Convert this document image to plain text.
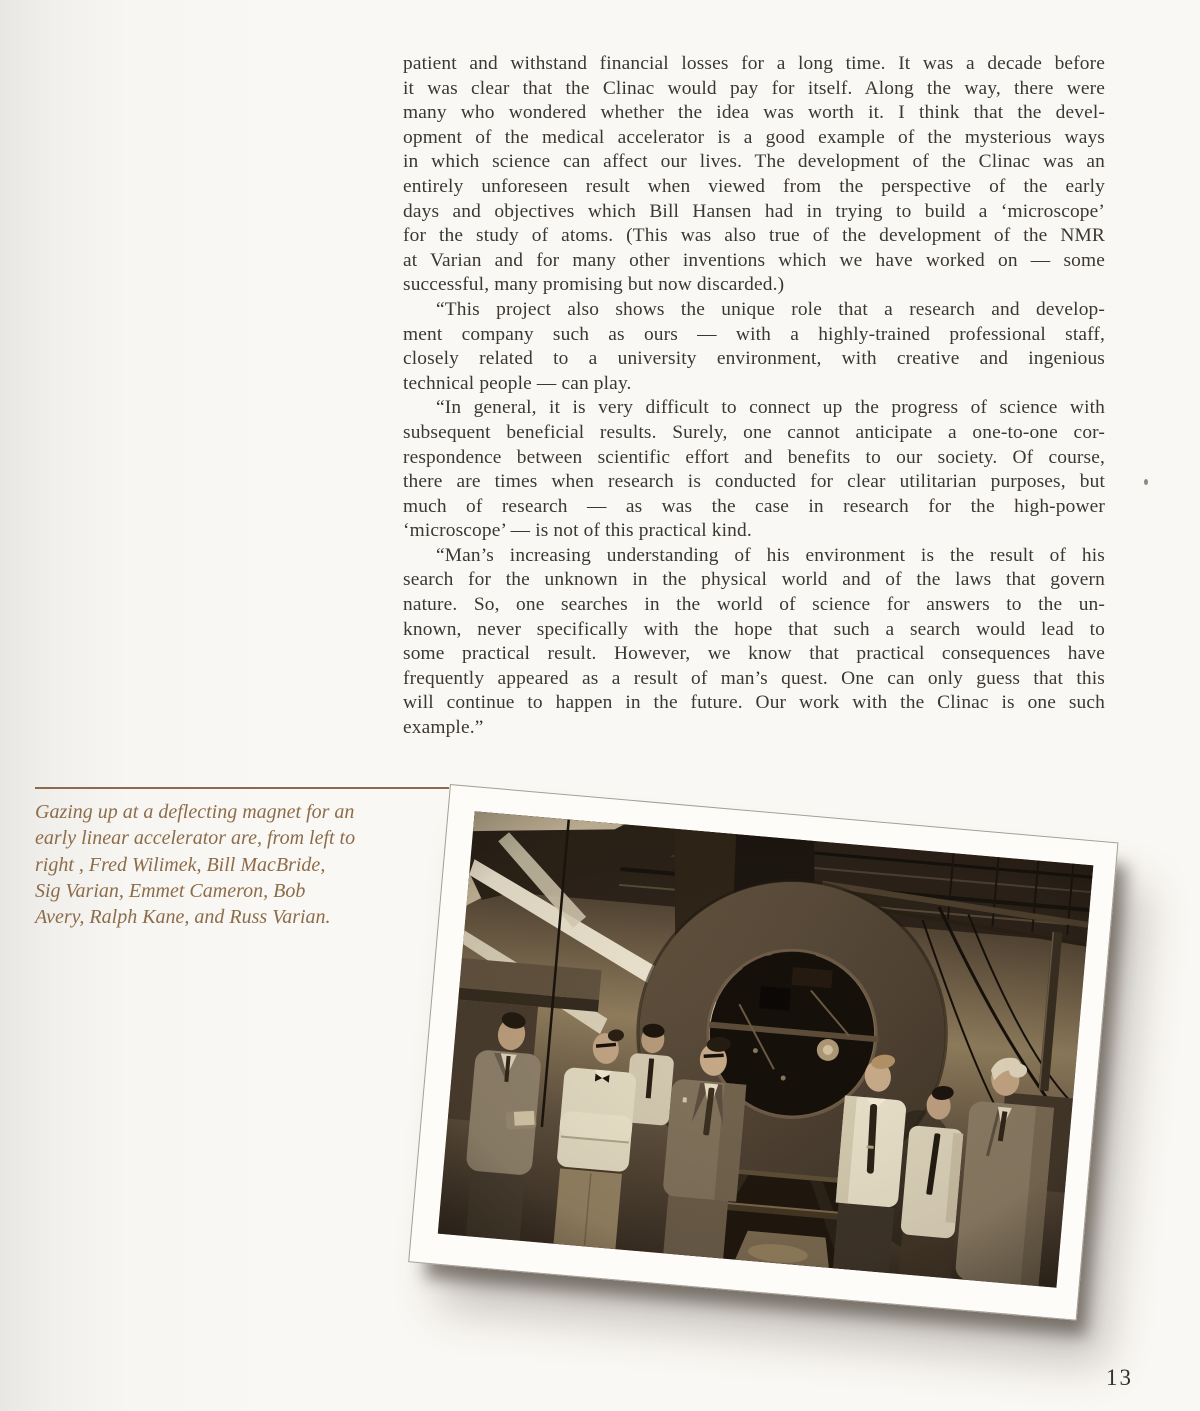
patient and withstand financial losses for a long time. It was a decade before
it was clear that the Clinac would pay for itself. Along the way, there were
many who wondered whether the idea was worth it. I think that the devel-
opment of the medical accelerator is a good example of the mysterious ways
in which science can affect our lives. The development of the Clinac was an
entirely unforeseen result when viewed from the perspective of the early
days and objectives which Bill Hansen had in trying to build a ‘microscope’
for the study of atoms. (This was also true of the development of the NMR
at Varian and for many other inventions which we have worked on — some
successful, many promising but now discarded.)
“This project also shows the unique role that a research and develop-
ment company such as ours — with a highly-trained professional staff,
closely related to a university environment, with creative and ingenious
technical people — can play.
“In general, it is very difficult to connect up the progress of science with
subsequent beneficial results. Surely, one cannot anticipate a one-to-one cor-
respondence between scientific effort and benefits to our society. Of course,
there are times when research is conducted for clear utilitarian purposes, but
much of research — as was the case in research for the high-power
‘microscope’ — is not of this practical kind.
“Man’s increasing understanding of his environment is the result of his
search for the unknown in the physical world and of the laws that govern
nature. So, one searches in the world of science for answers to the un-
known, never specifically with the hope that such a search would lead to
some practical result. However, we know that practical consequences have
frequently appeared as a result of man’s quest. One can only guess that this
will continue to happen in the future. Our work with the Clinac is one such
example.”
Gazing up at a deflecting magnet for an
early linear accelerator are, from left to
right , Fred Wilimek, Bill MacBride,
Sig Varian, Emmet Cameron, Bob
Avery, Ralph Kane, and Russ Varian.
13
